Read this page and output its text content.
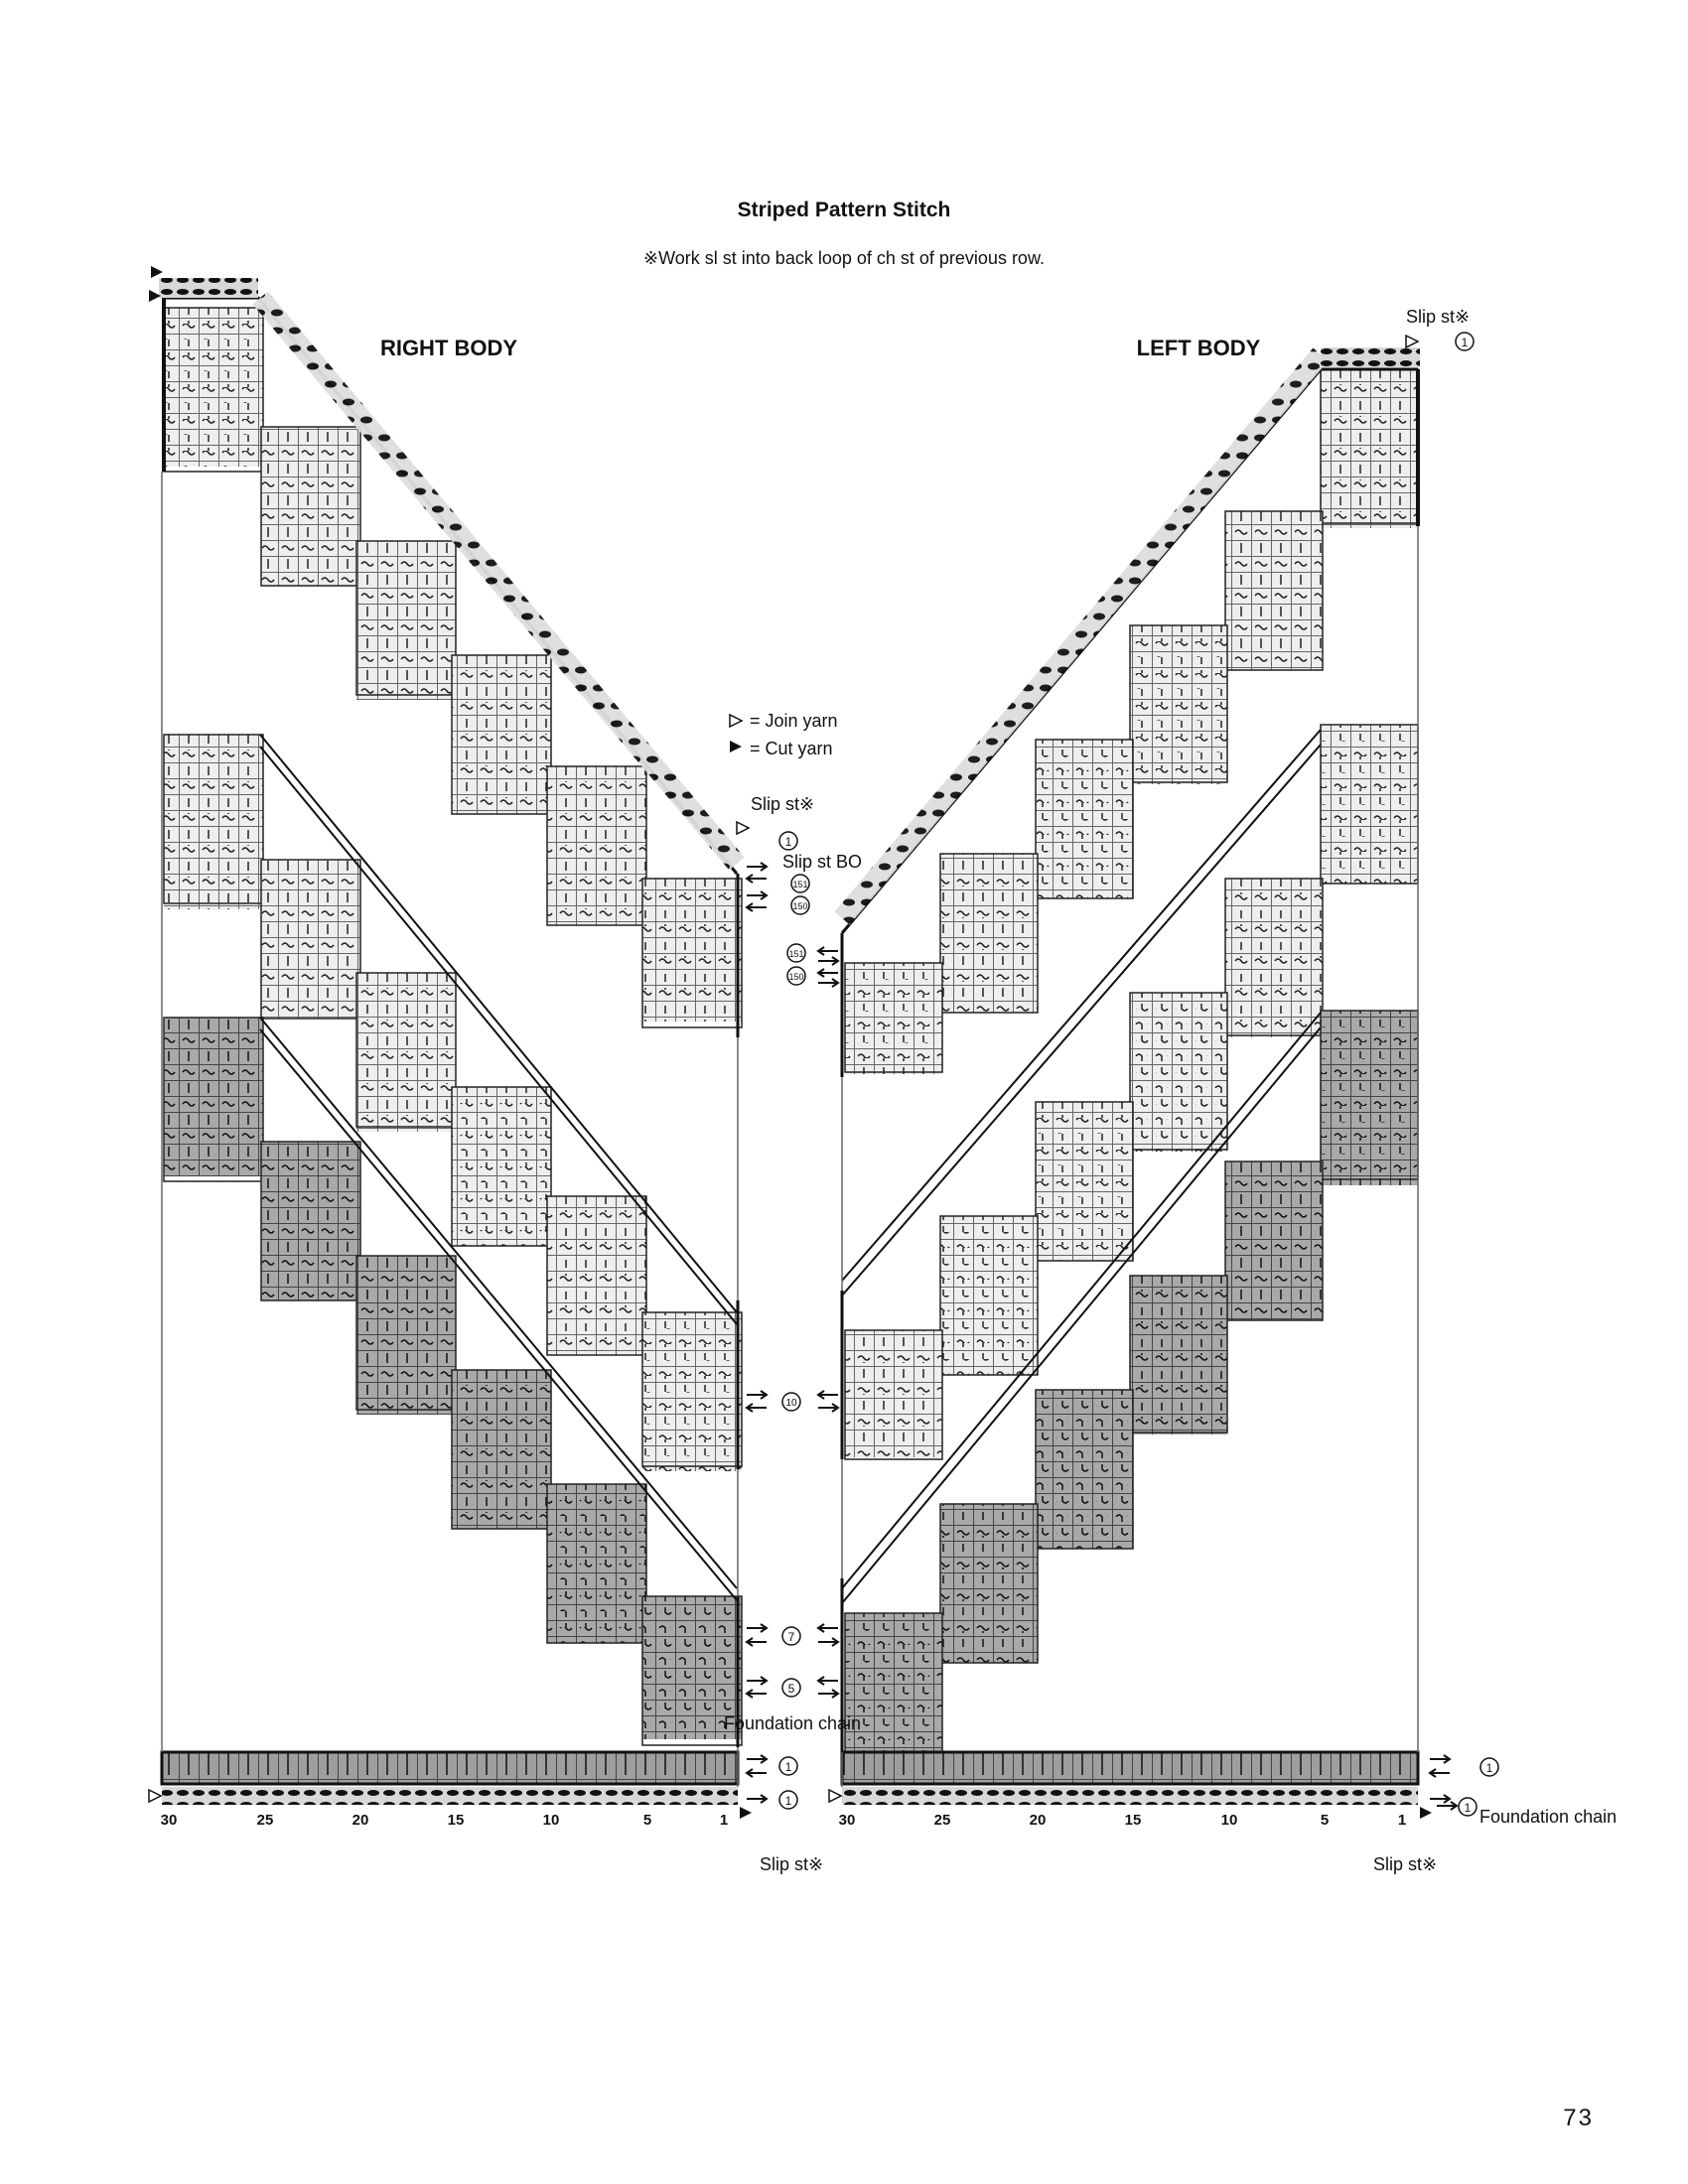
Striped Pattern Stitch
※Work sl st into back loop of ch st of previous row.
RIGHT BODY	LEFT BODY
= Join yarn
= Cut yarn
Slip st※
Slip st※
Slip st BO
Foundation chain
Foundation chain
Slip st※	Slip st※
1
1
151
150
151
150
10
7
5
1
1
1
1
30	25	20	15	10	5	1	30	25	20	15	10	5	1
73
